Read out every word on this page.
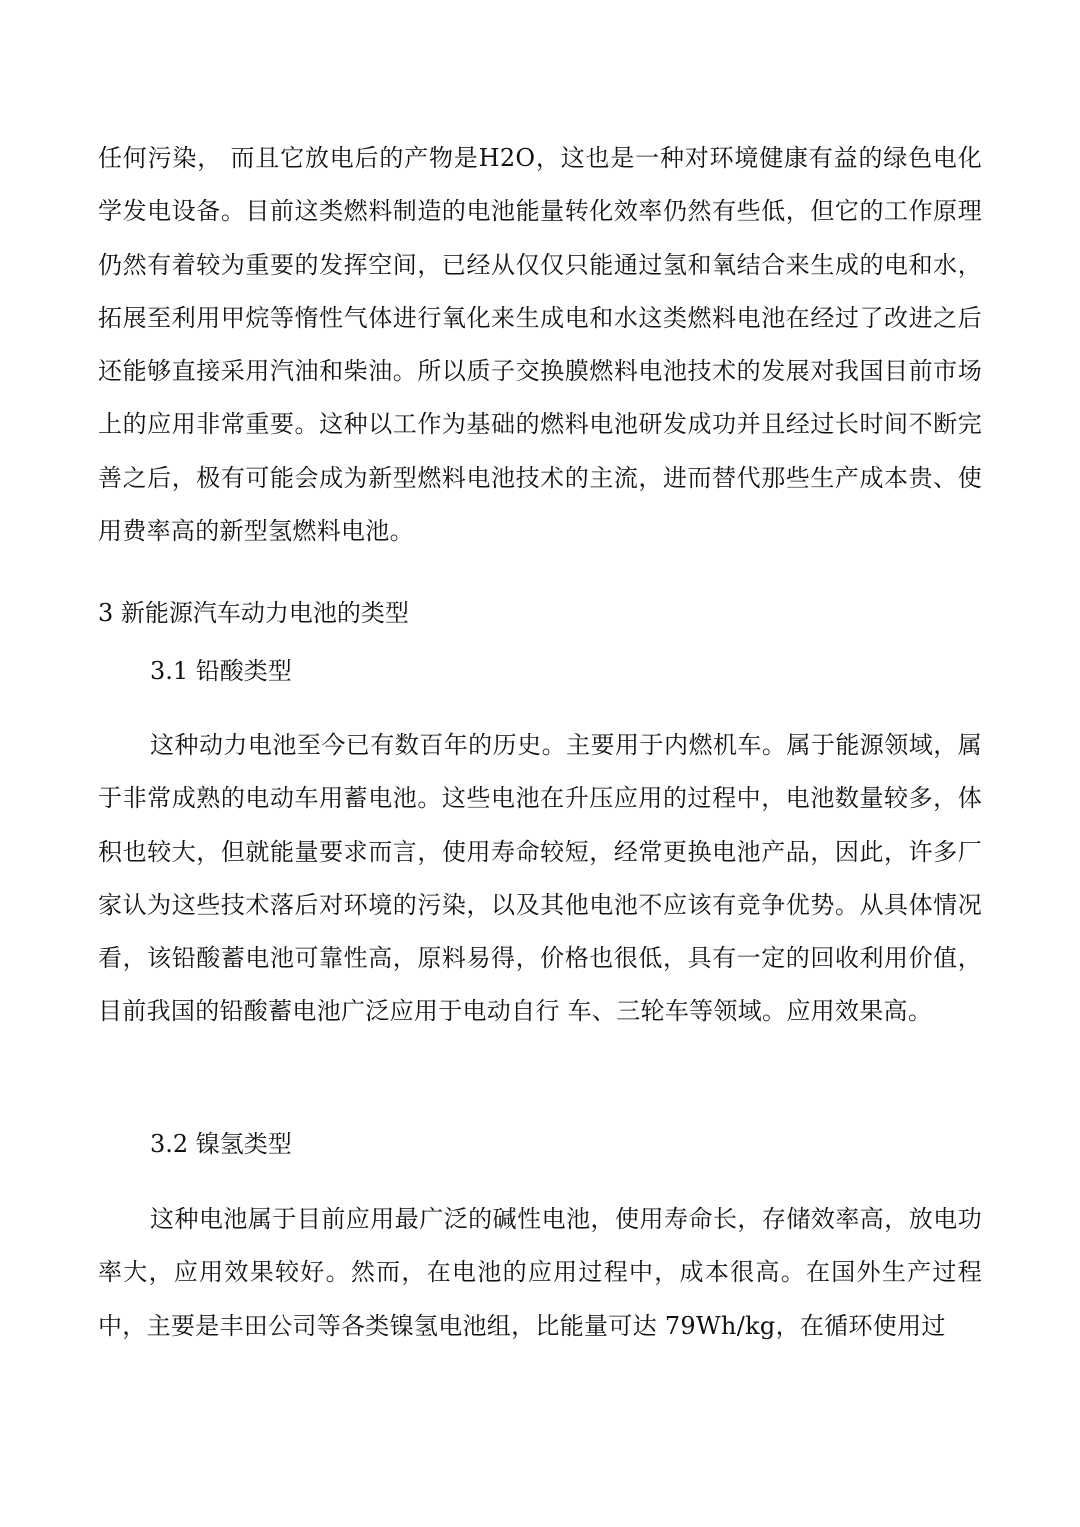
任何污染， 而且它放电后的产物是H2O，这也是一种对环境健康有益的绿色电化学发电设备。目前这类燃料制造的电池能量转化效率仍然有些低，但它的工作原理仍然有着较为重要的发挥空间，已经从仅仅只能通过氢和氧结合来生成的电和水，拓展至利用甲烷等惰性气体进行氧化来生成电和水这类燃料电池在经过了改进之后还能够直接采用汽油和柴油。所以质子交换膜燃料电池技术的发展对我国目前市场上的应用非常重要。这种以工作为基础的燃料电池研发成功并且经过长时间不断完善之后，极有可能会成为新型燃料电池技术的主流，进而替代那些生产成本贵、使用费率高的新型氢燃料电池。

3 新能源汽车动力电池的类型
3.1 铅酸类型

这种动力电池至今已有数百年的历史。主要用于内燃机车。属于能源领域，属于非常成熟的电动车用蓄电池。这些电池在升压应用的过程中，电池数量较多，体积也较大，但就能量要求而言，使用寿命较短，经常更换电池产品，因此，许多厂家认为这些技术落后对环境的污染，以及其他电池不应该有竞争优势。从具体情况看，该铅酸蓄电池可靠性高，原料易得，价格也很低，具有一定的回收利用价值，目前我国的铅酸蓄电池广泛应用于电动自行 车、三轮车等领域。应用效果高。

3.2 镍氢类型

这种电池属于目前应用最广泛的碱性电池，使用寿命长，存储效率高，放电功率大，应用效果较好。然而，在电池的应用过程中，成本很高。在国外生产过程中，主要是丰田公司等各类镍氢电池组，比能量可达 79Wh/kg，在循环使用过
